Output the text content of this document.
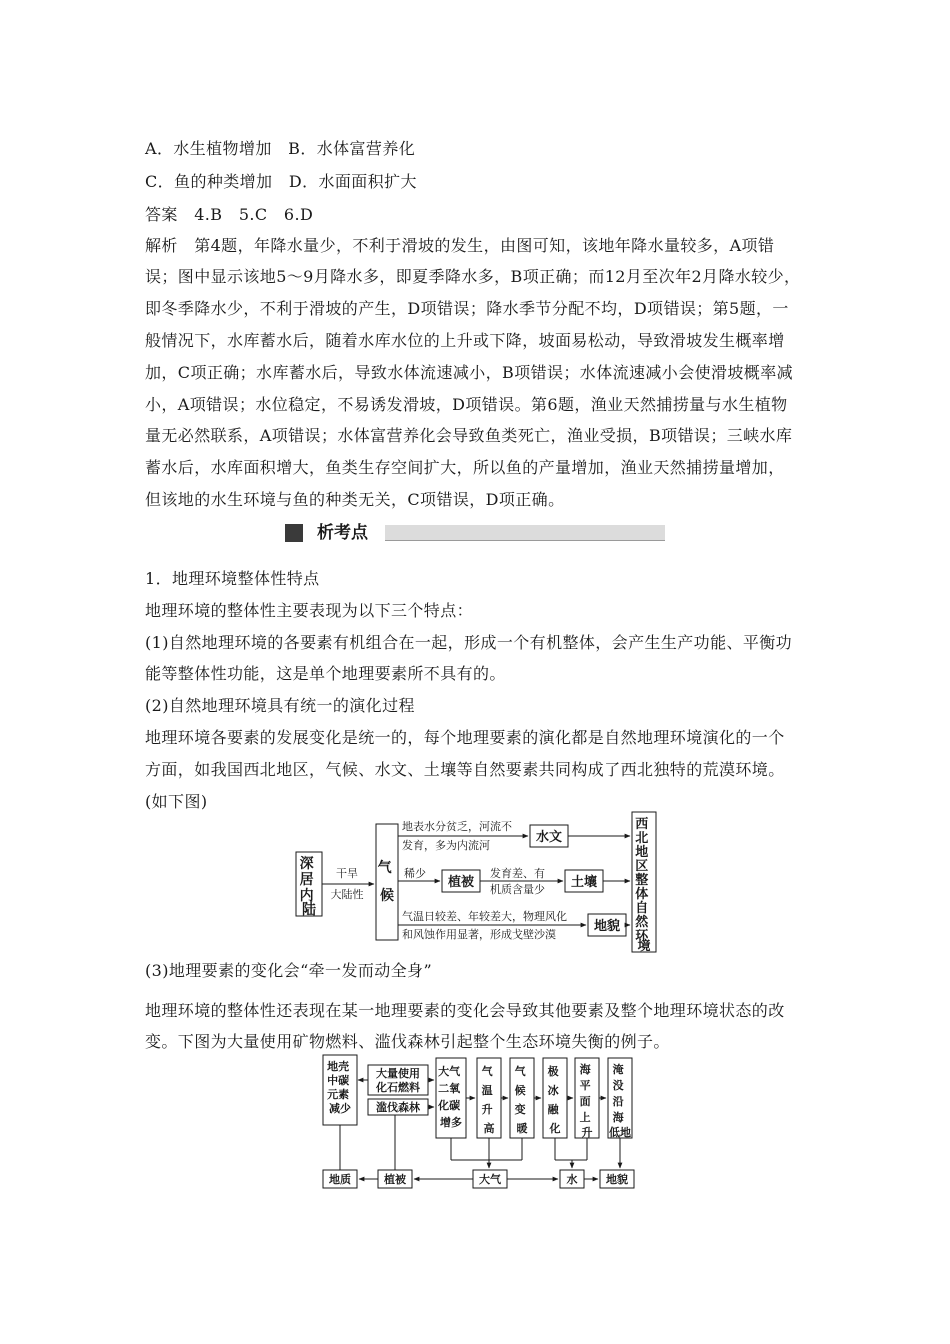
A．水生植物增加　B．水体富营养化
C．鱼的种类增加　D．水面面积扩大
答案　4.B　5.C　6.D
解析　第4题，年降水量少，不利于滑坡的发生，由图可知，该地年降水量较多，A项错
误；图中显示该地5～9月降水多，即夏季降水多，B项正确；而12月至次年2月降水较少，
即冬季降水少，不利于滑坡的产生，D项错误；降水季节分配不均，D项错误；第5题，一
般情况下，水库蓄水后，随着水库水位的上升或下降，坡面易松动，导致滑坡发生概率增
加，C项正确；水库蓄水后，导致水体流速减小，B项错误；水体流速减小会使滑坡概率减
小，A项错误；水位稳定，不易诱发滑坡，D项错误。第6题，渔业天然捕捞量与水生植物
量无必然联系，A项错误；水体富营养化会导致鱼类死亡，渔业受损，B项错误；三峡水库
蓄水后，水库面积增大，鱼类生存空间扩大，所以鱼的产量增加，渔业天然捕捞量增加，
但该地的水生环境与鱼的种类无关，C项错误，D项正确。
析考点
1．地理环境整体性特点
地理环境的整体性主要表现为以下三个特点：
(1)自然地理环境的各要素有机组合在一起，形成一个有机整体，会产生生产功能、平衡功
能等整体性功能，这是单个地理要素所不具有的。
(2)自然地理环境具有统一的演化过程
地理环境各要素的发展变化是统一的，每个地理要素的演化都是自然地理环境演化的一个
方面，如我国西北地区，气候、水文、土壤等自然要素共同构成了西北独特的荒漠环境。
(如下图)
深 居 内 陆
干旱
大陆性
气 候
地表水分贫乏，河流不
发育，多为内流河
水文
稀少
植被
发育差、有
机质含量少 土壤
气温日较差、年较差大，物理风化
和风蚀作用显著，形成戈壁沙漠
地貌
西 北 地 区 整 体 自 然 环 境
(3)地理要素的变化会“牵一发而动全身”
地理环境的整体性还表现在某一地理要素的变化会导致其他要素及整个地理环境状态的改
变。下图为大量使用矿物燃料、滥伐森林引起整个生态环境失衡的例子。
地壳 中碳 元素 减少
大量使用
化石燃料
滥伐森林
大气 二氧 化碳 增多
气 温 升 高
气 候 变 暖
极 冰 融 化
海 平 面 上 升
淹 没 沿 海 低地
地质	植被	大气	水	地貌
